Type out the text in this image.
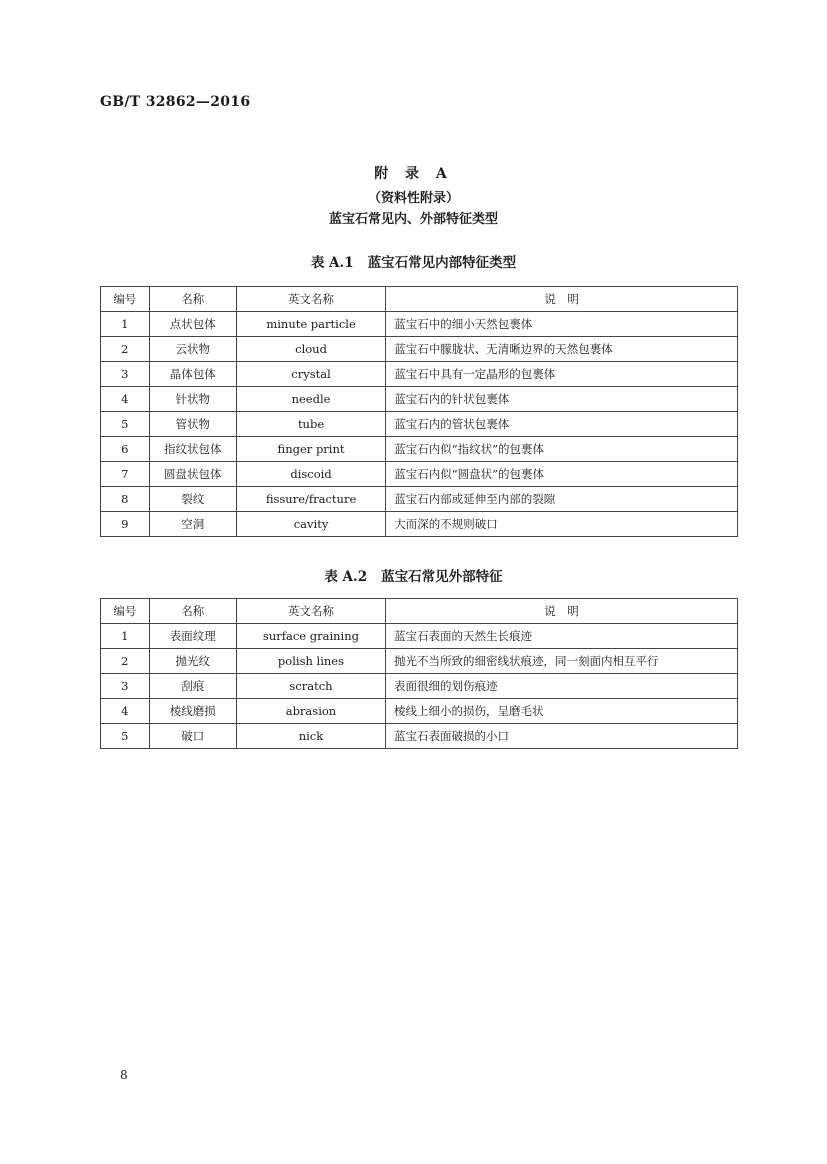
GB/T 32862—2016
附 录 A
（资料性附录）
蓝宝石常见内、外部特征类型
表 A.1 蓝宝石常见内部特征类型
编号	名称	英文名称	说　明
1	点状包体	minute particle	蓝宝石中的细小天然包裹体
2	云状物	cloud	蓝宝石中朦胧状、无清晰边界的天然包裹体
3	晶体包体	crystal	蓝宝石中具有一定晶形的包裹体
4	针状物	needle	蓝宝石内的针状包裹体
5	管状物	tube	蓝宝石内的管状包裹体
6	指纹状包体	finger print	蓝宝石内似“指纹状”的包裹体
7	圆盘状包体	discoid	蓝宝石内似“圆盘状”的包裹体
8	裂纹	fissure/fracture	蓝宝石内部或延伸至内部的裂隙
9	空洞	cavity	大而深的不规则破口
表 A.2 蓝宝石常见外部特征
编号	名称	英文名称	说　明
1	表面纹理	surface graining	蓝宝石表面的天然生长痕迹
2	抛光纹	polish lines	抛光不当所致的细密线状痕迹，同一刻面内相互平行
3	刮痕	scratch	表面很细的划伤痕迹
4	棱线磨损	abrasion	棱线上细小的损伤，呈磨毛状
5	破口	nick	蓝宝石表面破损的小口
8
